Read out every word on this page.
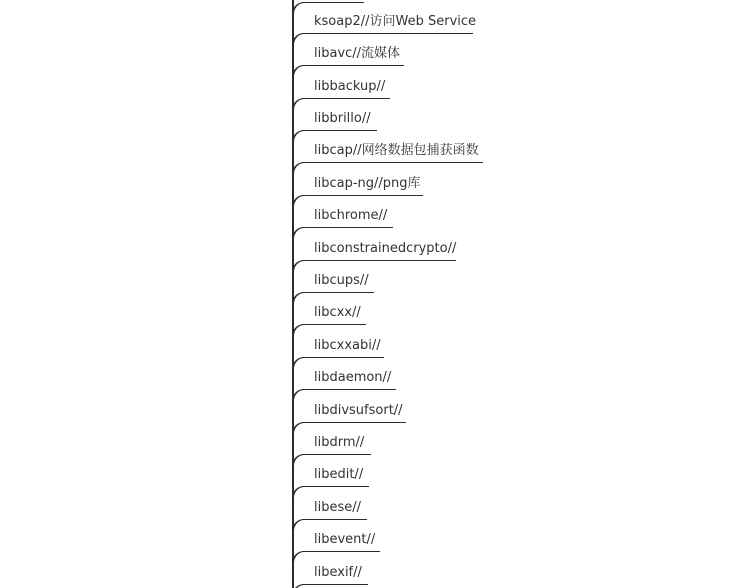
ksoap2//访问Web Service
libavc//流媒体
libbackup//
libbrillo//
libcap//网络数据包捕获函数
libcap-ng//png库
libchrome//
libconstrainedcrypto//
libcups//
libcxx//
libcxxabi//
libdaemon//
libdivsufsort//
libdrm//
libedit//
libese//
libevent//
libexif//
